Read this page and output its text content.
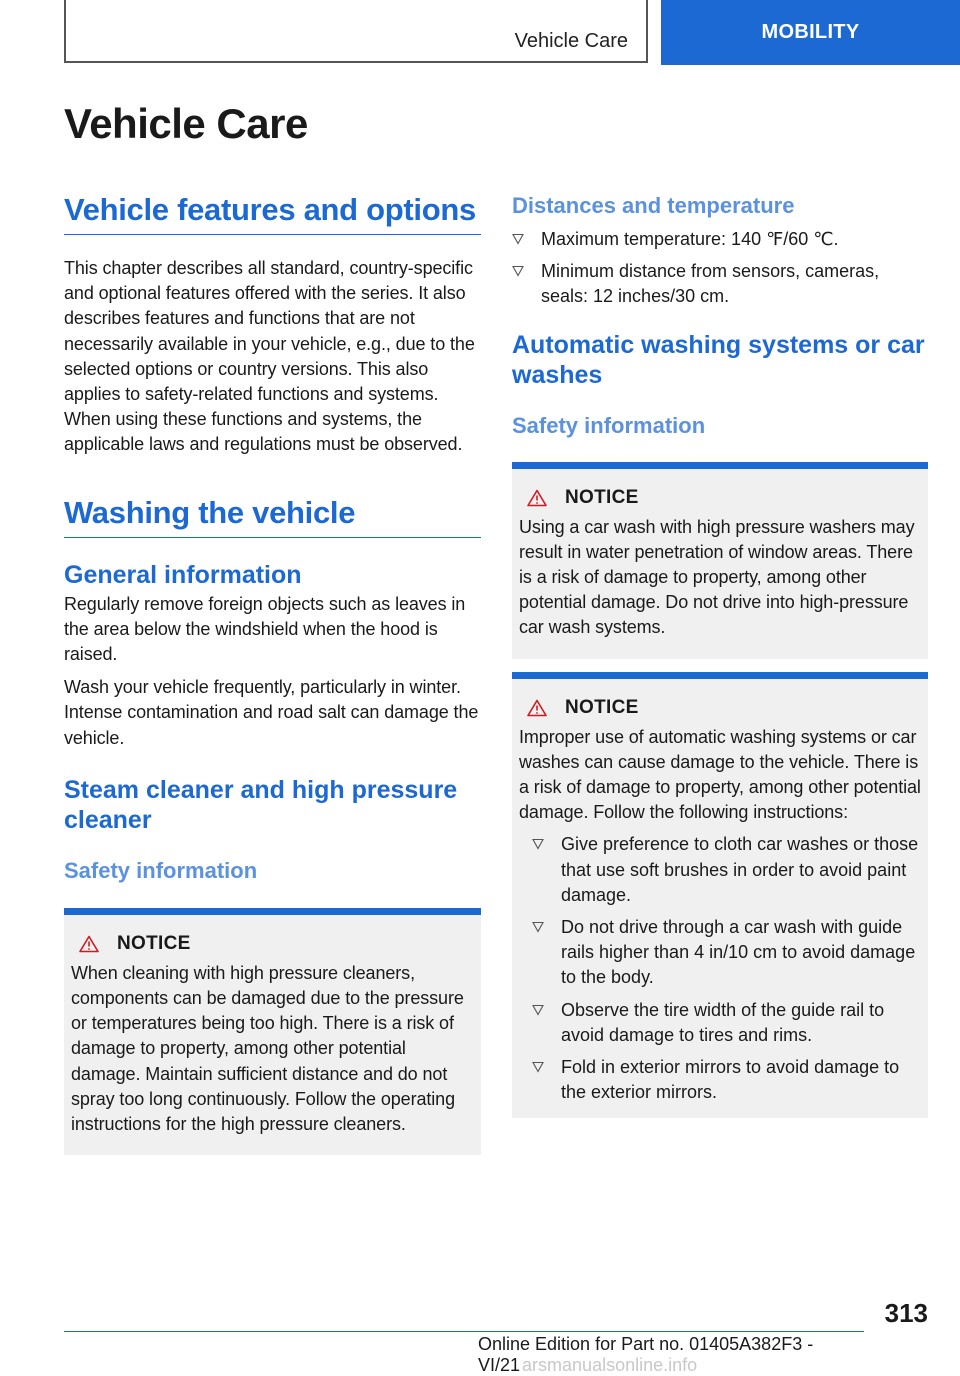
Vehicle Care	MOBILITY
Vehicle Care
Vehicle features and options

This chapter describes all standard, country-specific and optional features offered with the series. It also describes features and functions that are not necessarily available in your vehicle, e.g., due to the selected options or country versions. This also applies to safety-related functions and systems. When using these functions and systems, the applicable laws and regulations must be observed.

Washing the vehicle
General information

Regularly remove foreign objects such as leaves in the area below the windshield when the hood is raised.

Wash your vehicle frequently, particularly in winter. Intense contamination and road salt can damage the vehicle.

Steam cleaner and high pressure cleaner
Safety information
NOTICE

When cleaning with high pressure cleaners, components can be damaged due to the pressure or temperatures being too high. There is a risk of damage to property, among other potential damage. Maintain sufficient distance and do not spray too long continuously. Follow the operating instructions for the high pressure cleaners.

Distances and temperature
Maximum temperature: 140 ℉/60 ℃.
Minimum distance from sensors, cameras, seals: 12 inches/30 cm.
Automatic washing systems or car washes
Safety information
NOTICE

Using a car wash with high pressure washers may result in water penetration of window areas. There is a risk of damage to property, among other potential damage. Do not drive into high-pressure car wash systems.

NOTICE

Improper use of automatic washing systems or car washes can cause damage to the vehicle. There is a risk of damage to property, among other potential damage. Follow the following instructions:

Give preference to cloth car washes or those that use soft brushes in order to avoid paint damage.
Do not drive through a car wash with guide rails higher than 4 in/10 cm to avoid damage to the body.
Observe the tire width of the guide rail to avoid damage to tires and rims.
Fold in exterior mirrors to avoid damage to the exterior mirrors.
313
Online Edition for Part no. 01405A382F3 - VI/21 arsmanualsonline.info
